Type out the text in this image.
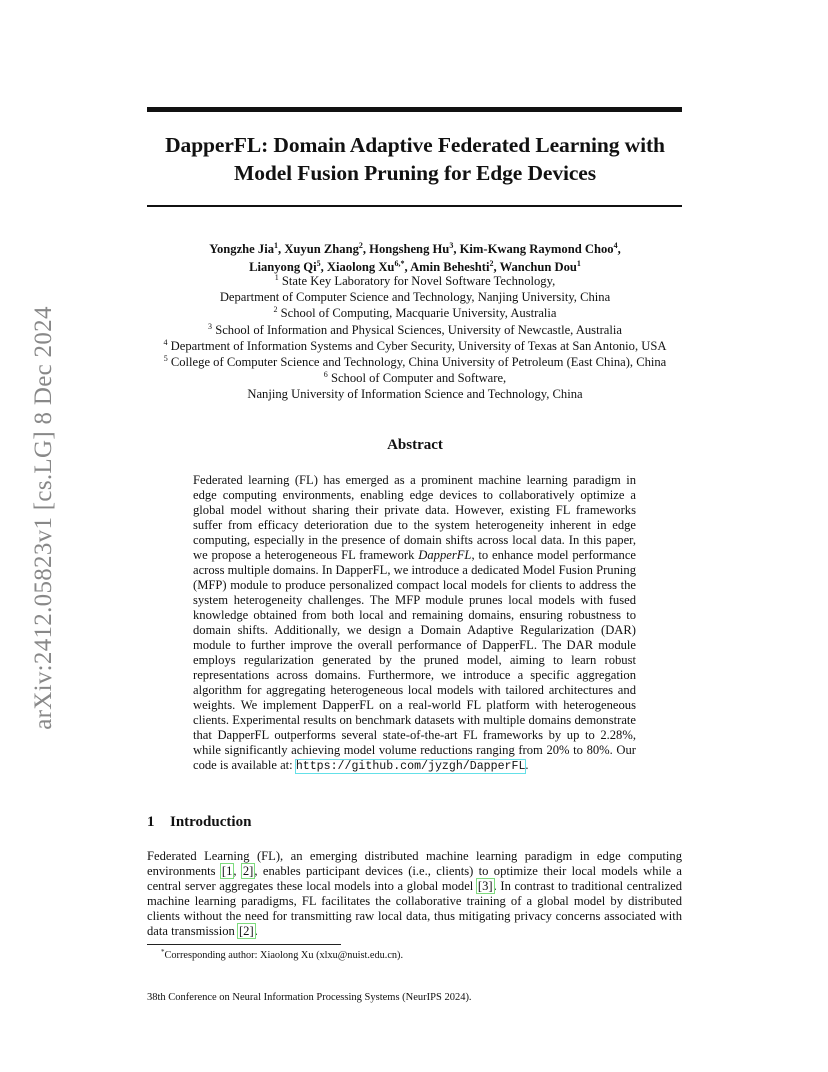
arXiv:2412.05823v1 [cs.LG] 8 Dec 2024
DapperFL: Domain Adaptive Federated Learning with
Model Fusion Pruning for Edge Devices
Yongzhe Jia$^1$, Xuyun Zhang$^2$, Hongsheng Hu$^3$, Kim-Kwang Raymond Choo$^4$,
Lianyong Qi$^5$, Xiaolong $Xu^{6,*}$, Amin Beheshti$^2$, Wanchun Dou$^1$
$^1$ State Key Laboratory for Novel Software Technology,
Department of Computer Science and Technology, Nanjing University, China
$^2$ School of Computing, Macquarie University, Australia
$^3$ School of Information and Physical Sciences, University of Newcastle, Australia
$^4$ Department of Information Systems and Cyber Security, University of Texas at San Antonio, USA
$^5$ College of Computer Science and Technology, China University of Petroleum (East China), China
$^6$ School of Computer and Software,
Nanjing University of Information Science and Technology, China
Abstract
Federated learning (FL) has emerged as a prominent machine learning paradigm in edge computing environments, enabling edge devices to collaboratively optimize a global model without sharing their private data. However, existing FL frameworks suffer from efficacy deterioration due to the system heterogeneity inherent in edge computing, especially in the presence of domain shifts across local data. In this paper, we propose a heterogeneous FL framework DapperFL, to enhance model performance across multiple domains. In DapperFL, we introduce a dedicated Model Fusion Pruning (MFP) module to produce personalized compact local models for clients to address the system heterogeneity challenges. The MFP module prunes local models with fused knowledge obtained from both local and remaining domains, ensuring robustness to domain shifts. Additionally, we design a Domain Adaptive Regularization (DAR) module to further improve the overall performance of DapperFL. The DAR module employs regularization generated by the pruned model, aiming to learn robust representations across domains. Furthermore, we introduce a specific aggregation algorithm for aggregating heterogeneous local models with tailored architectures and weights. We implement DapperFL on a real-world FL platform with heterogeneous clients. Experimental results on benchmark datasets with multiple domains demonstrate that DapperFL outperforms several state-of-the-art FL frameworks by up to 2.28%, while significantly achieving model volume reductions ranging from 20% to 80%. Our code is available at: https://github.com/jyzgh/DapperFL.
1 Introduction
Federated Learning (FL), an emerging distributed machine learning paradigm in edge computing environments [1, 2], enables participant devices (i.e., clients) to optimize their local models while a central server aggregates these local models into a global model [3]. In contrast to traditional centralized machine learning paradigms, FL facilitates the collaborative training of a global model by distributed clients without the need for transmitting raw local data, thus mitigating privacy concerns associated with data transmission [2].
*Corresponding author: Xiaolong Xu (xlxu@nuist.edu.cn).
38th Conference on Neural Information Processing Systems (NeurIPS 2024).
